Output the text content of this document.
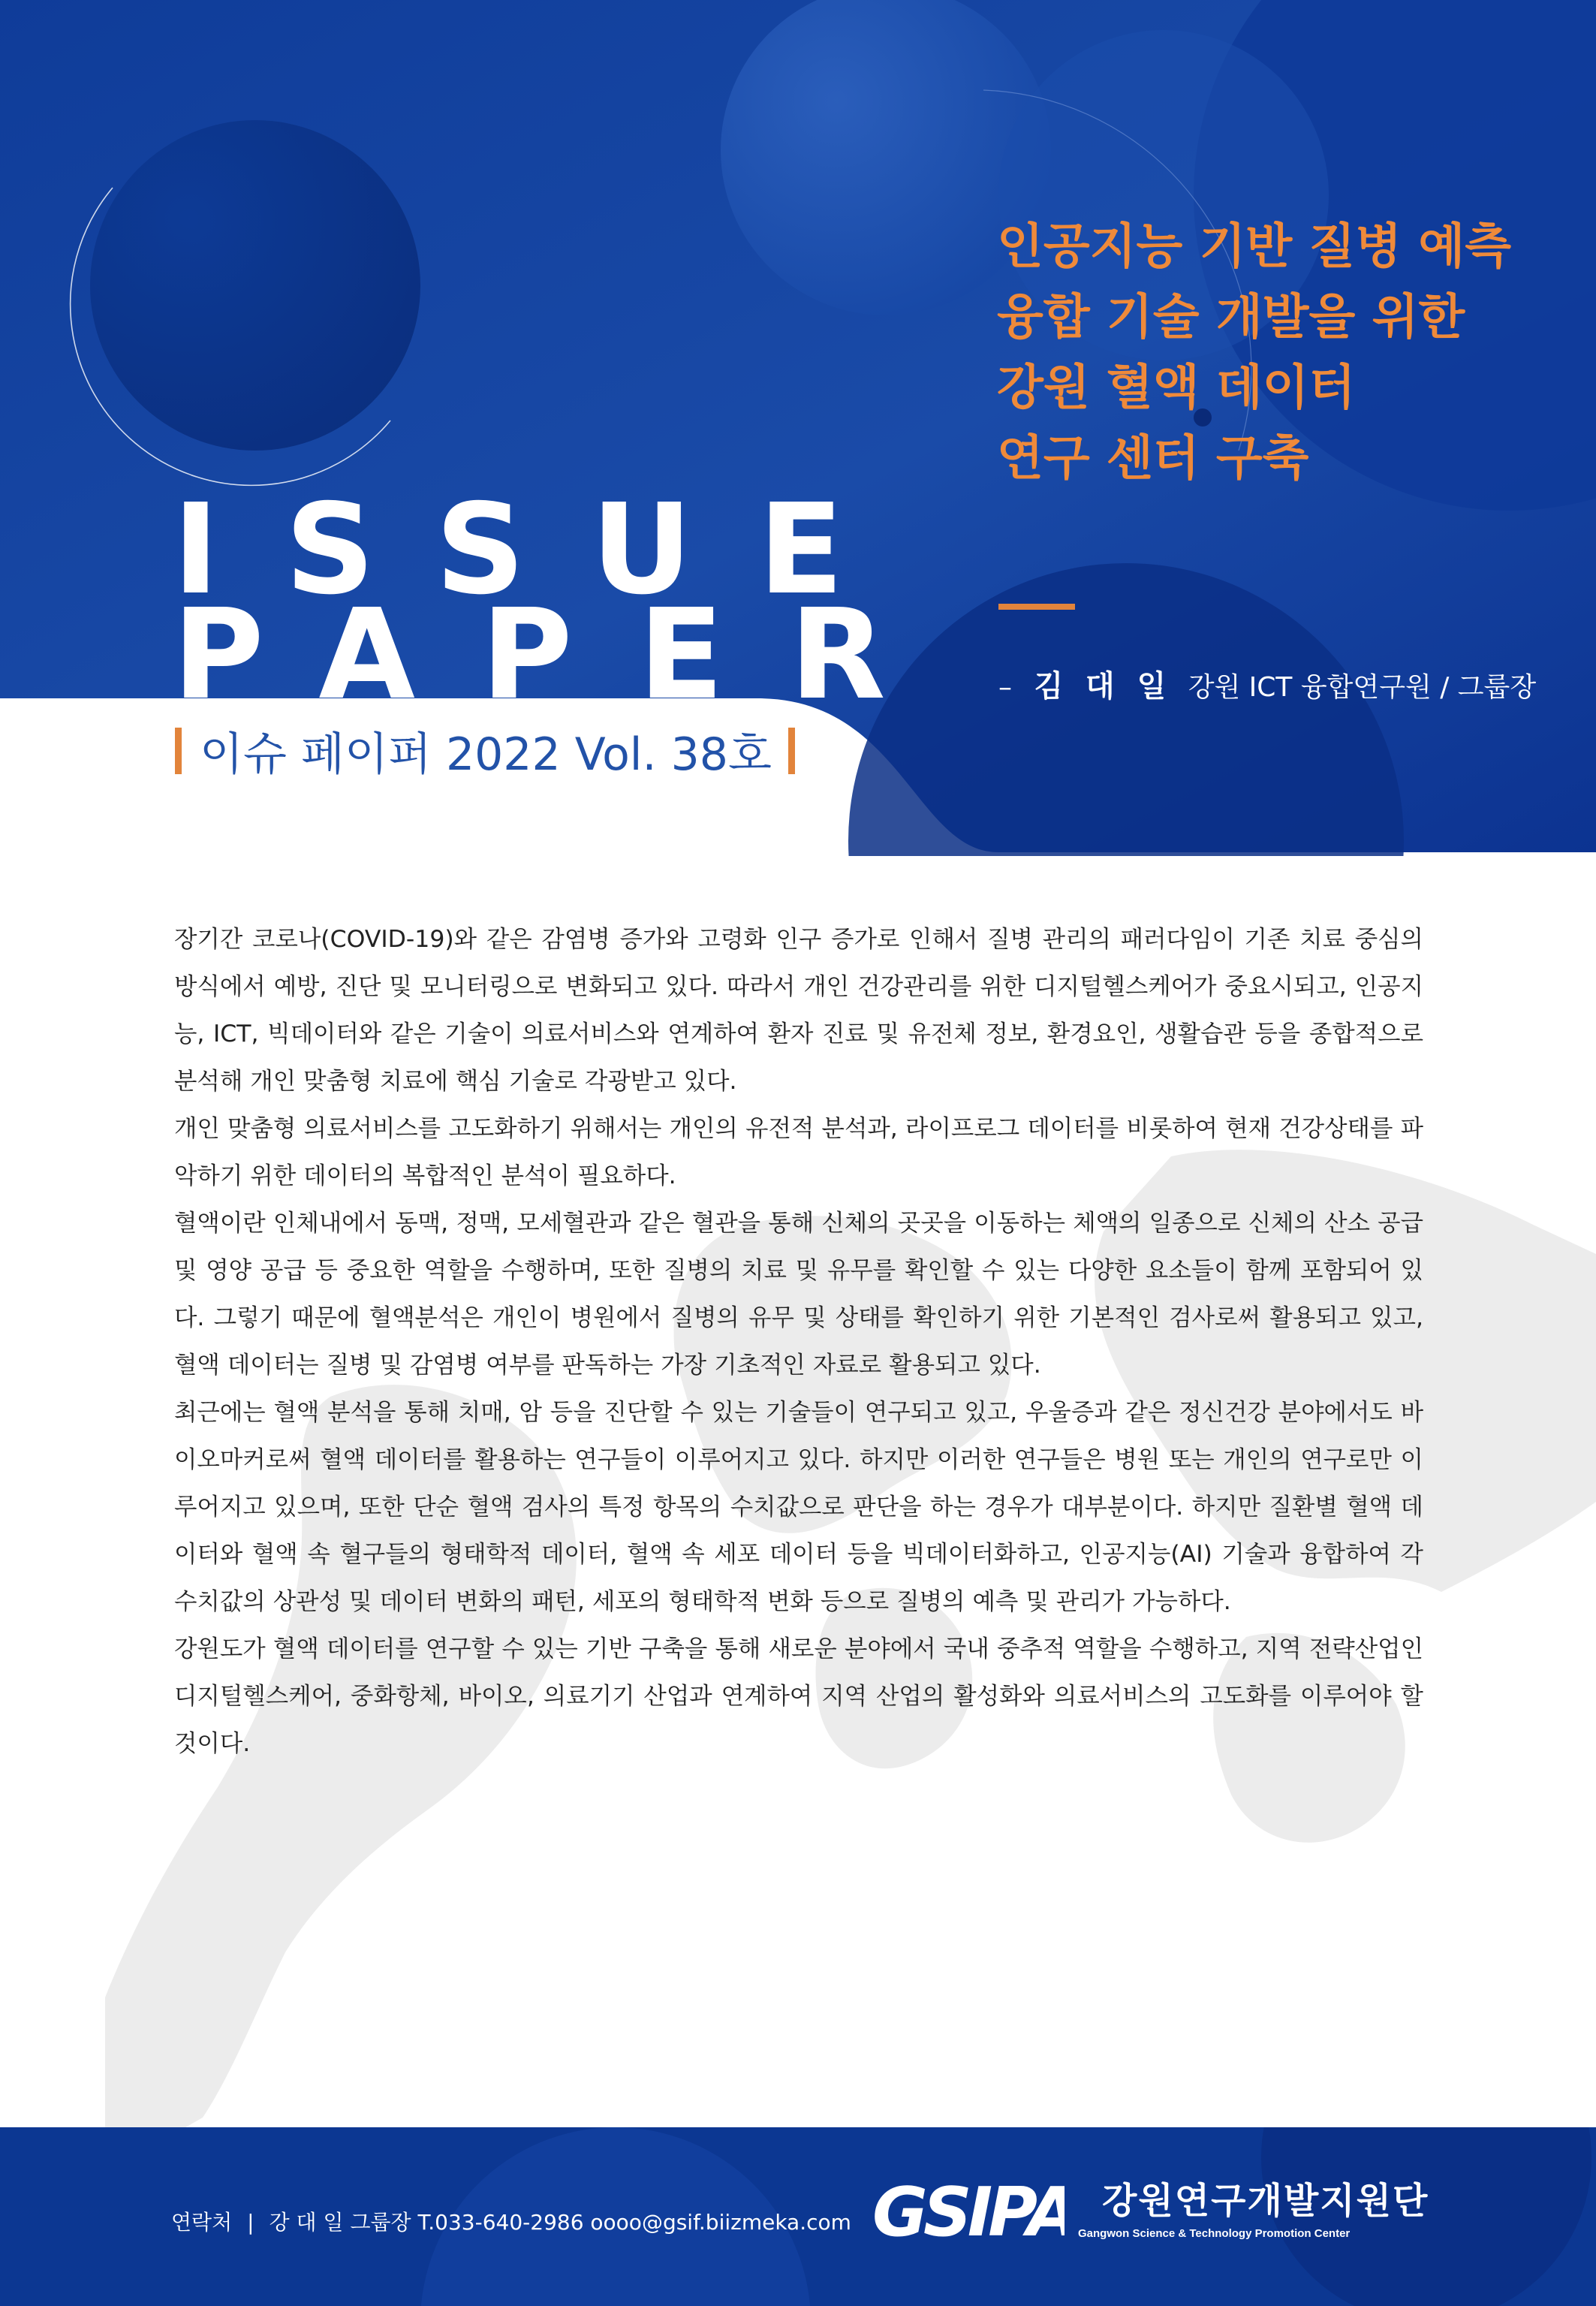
ISSUE
PAPER
이슈 페이퍼 2022 Vol. 38호
인공지능 기반 질병 예측
융합 기술 개발을 위한
강원 혈액 데이터
연구 센터 구축
– 김 대 일 강원 ICT 융합연구원 / 그룹장

장기간 코로나(COVID-19)와 같은 감염병 증가와 고령화 인구 증가로 인해서 질병 관리의 패러다임이 기존 치료 중심의 방식에서 예방, 진단 및 모니터링으로 변화되고 있다. 따라서 개인 건강관리를 위한 디지털헬스케어가 중요시되고, 인공지능, ICT, 빅데이터와 같은 기술이 의료서비스와 연계하여 환자 진료 및 유전체 정보, 환경요인, 생활습관 등을 종합적으로 분석해 개인 맞춤형 치료에 핵심 기술로 각광받고 있다.

개인 맞춤형 의료서비스를 고도화하기 위해서는 개인의 유전적 분석과, 라이프로그 데이터를 비롯하여 현재 건강상태를 파악하기 위한 데이터의 복합적인 분석이 필요하다.

혈액이란 인체내에서 동맥, 정맥, 모세혈관과 같은 혈관을 통해 신체의 곳곳을 이동하는 체액의 일종으로 신체의 산소 공급 및 영양 공급 등 중요한 역할을 수행하며, 또한 질병의 치료 및 유무를 확인할 수 있는 다양한 요소들이 함께 포함되어 있다. 그렇기 때문에 혈액분석은 개인이 병원에서 질병의 유무 및 상태를 확인하기 위한 기본적인 검사로써 활용되고 있고, 혈액 데이터는 질병 및 감염병 여부를 판독하는 가장 기초적인 자료로 활용되고 있다.

최근에는 혈액 분석을 통해 치매, 암 등을 진단할 수 있는 기술들이 연구되고 있고, 우울증과 같은 정신건강 분야에서도 바이오마커로써 혈액 데이터를 활용하는 연구들이 이루어지고 있다. 하지만 이러한 연구들은 병원 또는 개인의 연구로만 이루어지고 있으며, 또한 단순 혈액 검사의 특정 항목의 수치값으로 판단을 하는 경우가 대부분이다. 하지만 질환별 혈액 데이터와 혈액 속 혈구들의 형태학적 데이터, 혈액 속 세포 데이터 등을 빅데이터화하고, 인공지능(AI) 기술과 융합하여 각 수치값의 상관성 및 데이터 변화의 패턴, 세포의 형태학적 변화 등으로 질병의 예측 및 관리가 가능하다.

강원도가 혈액 데이터를 연구할 수 있는 기반 구축을 통해 새로운 분야에서 국내 중추적 역할을 수행하고, 지역 전략산업인 디지털헬스케어, 중화항체, 바이오, 의료기기 산업과 연계하여 지역 산업의 활성화와 의료서비스의 고도화를 이루어야 할 것이다.

연락처 | 강 대 일 그룹장 T.033-640-2986 oooo@gsif.biizmeka.com GSIPA 강원연구개발지원단
Gangwon Science & Technology Promotion Center
